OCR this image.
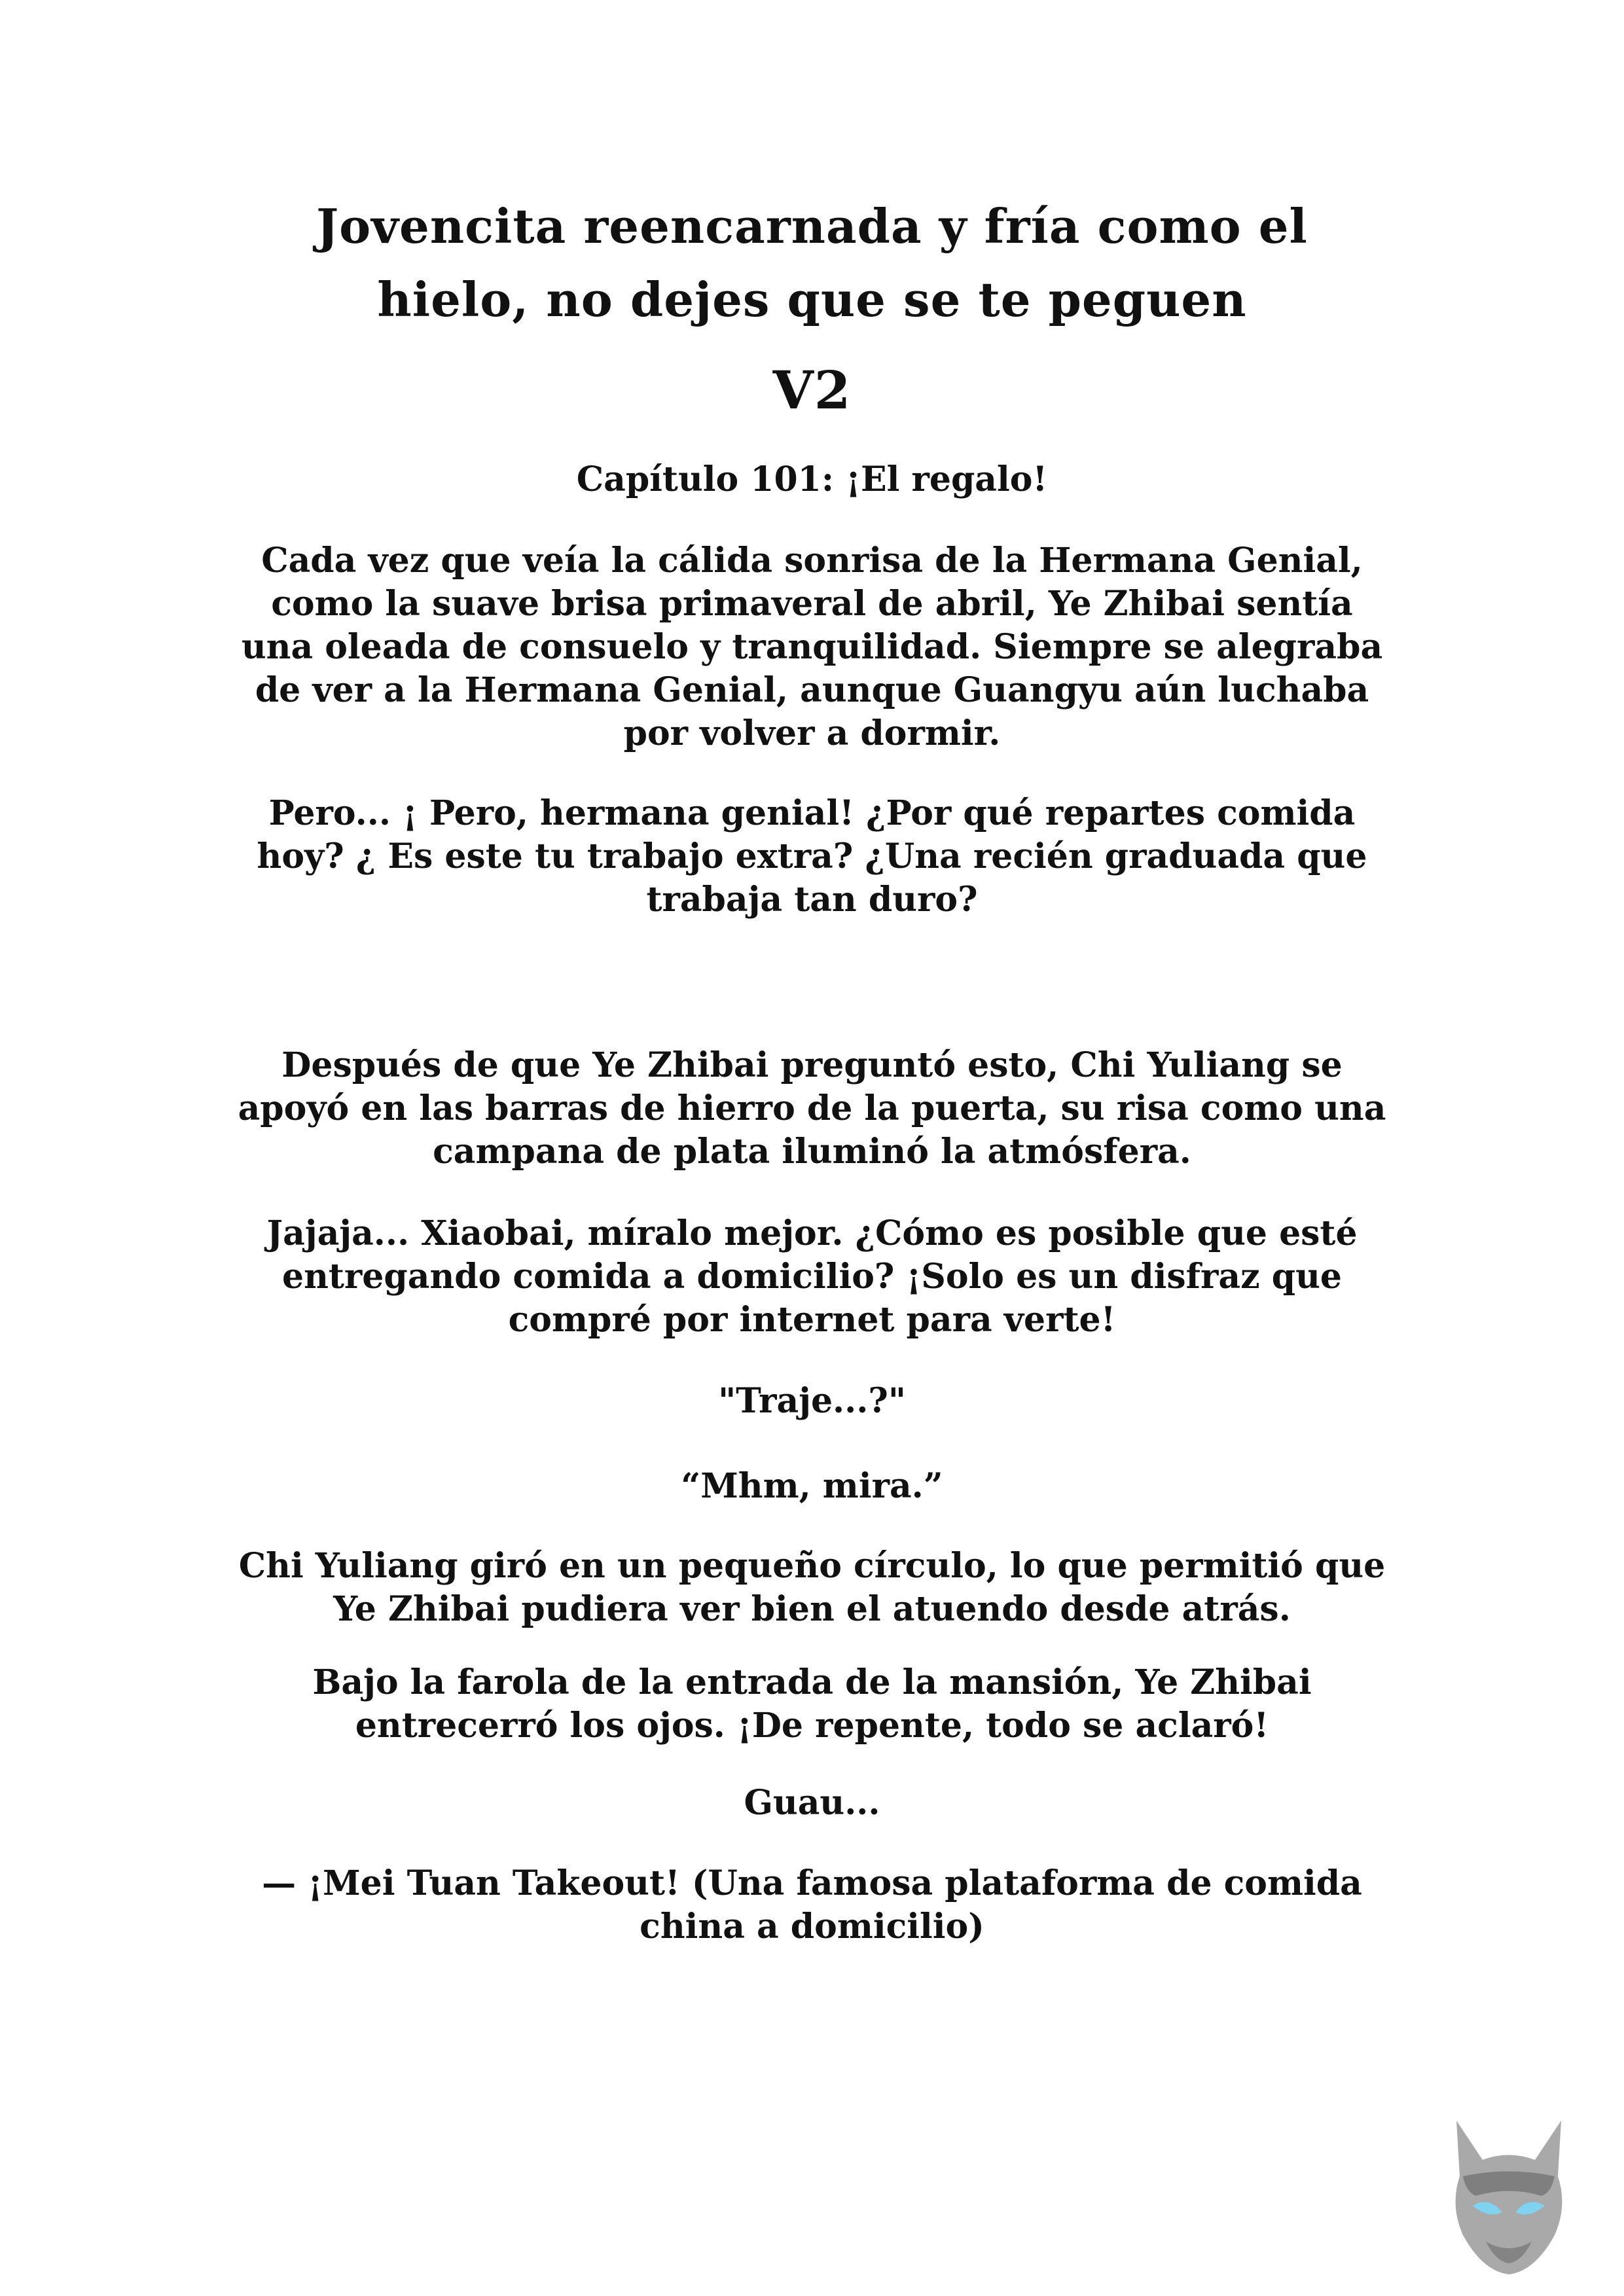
Jovencita reencarnada y fría como el
hielo, no dejes que se te peguen
V2
Capítulo 101: ¡El regalo!
Cada vez que veía la cálida sonrisa de la Hermana Genial,
como la suave brisa primaveral de abril, Ye Zhibai sentía
una oleada de consuelo y tranquilidad. Siempre se alegraba
de ver a la Hermana Genial, aunque Guangyu aún luchaba
por volver a dormir.
Pero... ¡ Pero, hermana genial! ¿Por qué repartes comida
hoy? ¿ Es este tu trabajo extra? ¿Una recién graduada que
trabaja tan duro?
Después de que Ye Zhibai preguntó esto, Chi Yuliang se
apoyó en las barras de hierro de la puerta, su risa como una
campana de plata iluminó la atmósfera.
Jajaja... Xiaobai, míralo mejor. ¿Cómo es posible que esté
entregando comida a domicilio? ¡Solo es un disfraz que
compré por internet para verte!
"Traje...?"
“Mhm, mira.”
Chi Yuliang giró en un pequeño círculo, lo que permitió que
Ye Zhibai pudiera ver bien el atuendo desde atrás.
Bajo la farola de la entrada de la mansión, Ye Zhibai
entrecerró los ojos. ¡De repente, todo se aclaró!
Guau...
— ¡Mei Tuan Takeout! (Una famosa plataforma de comida
china a domicilio)
